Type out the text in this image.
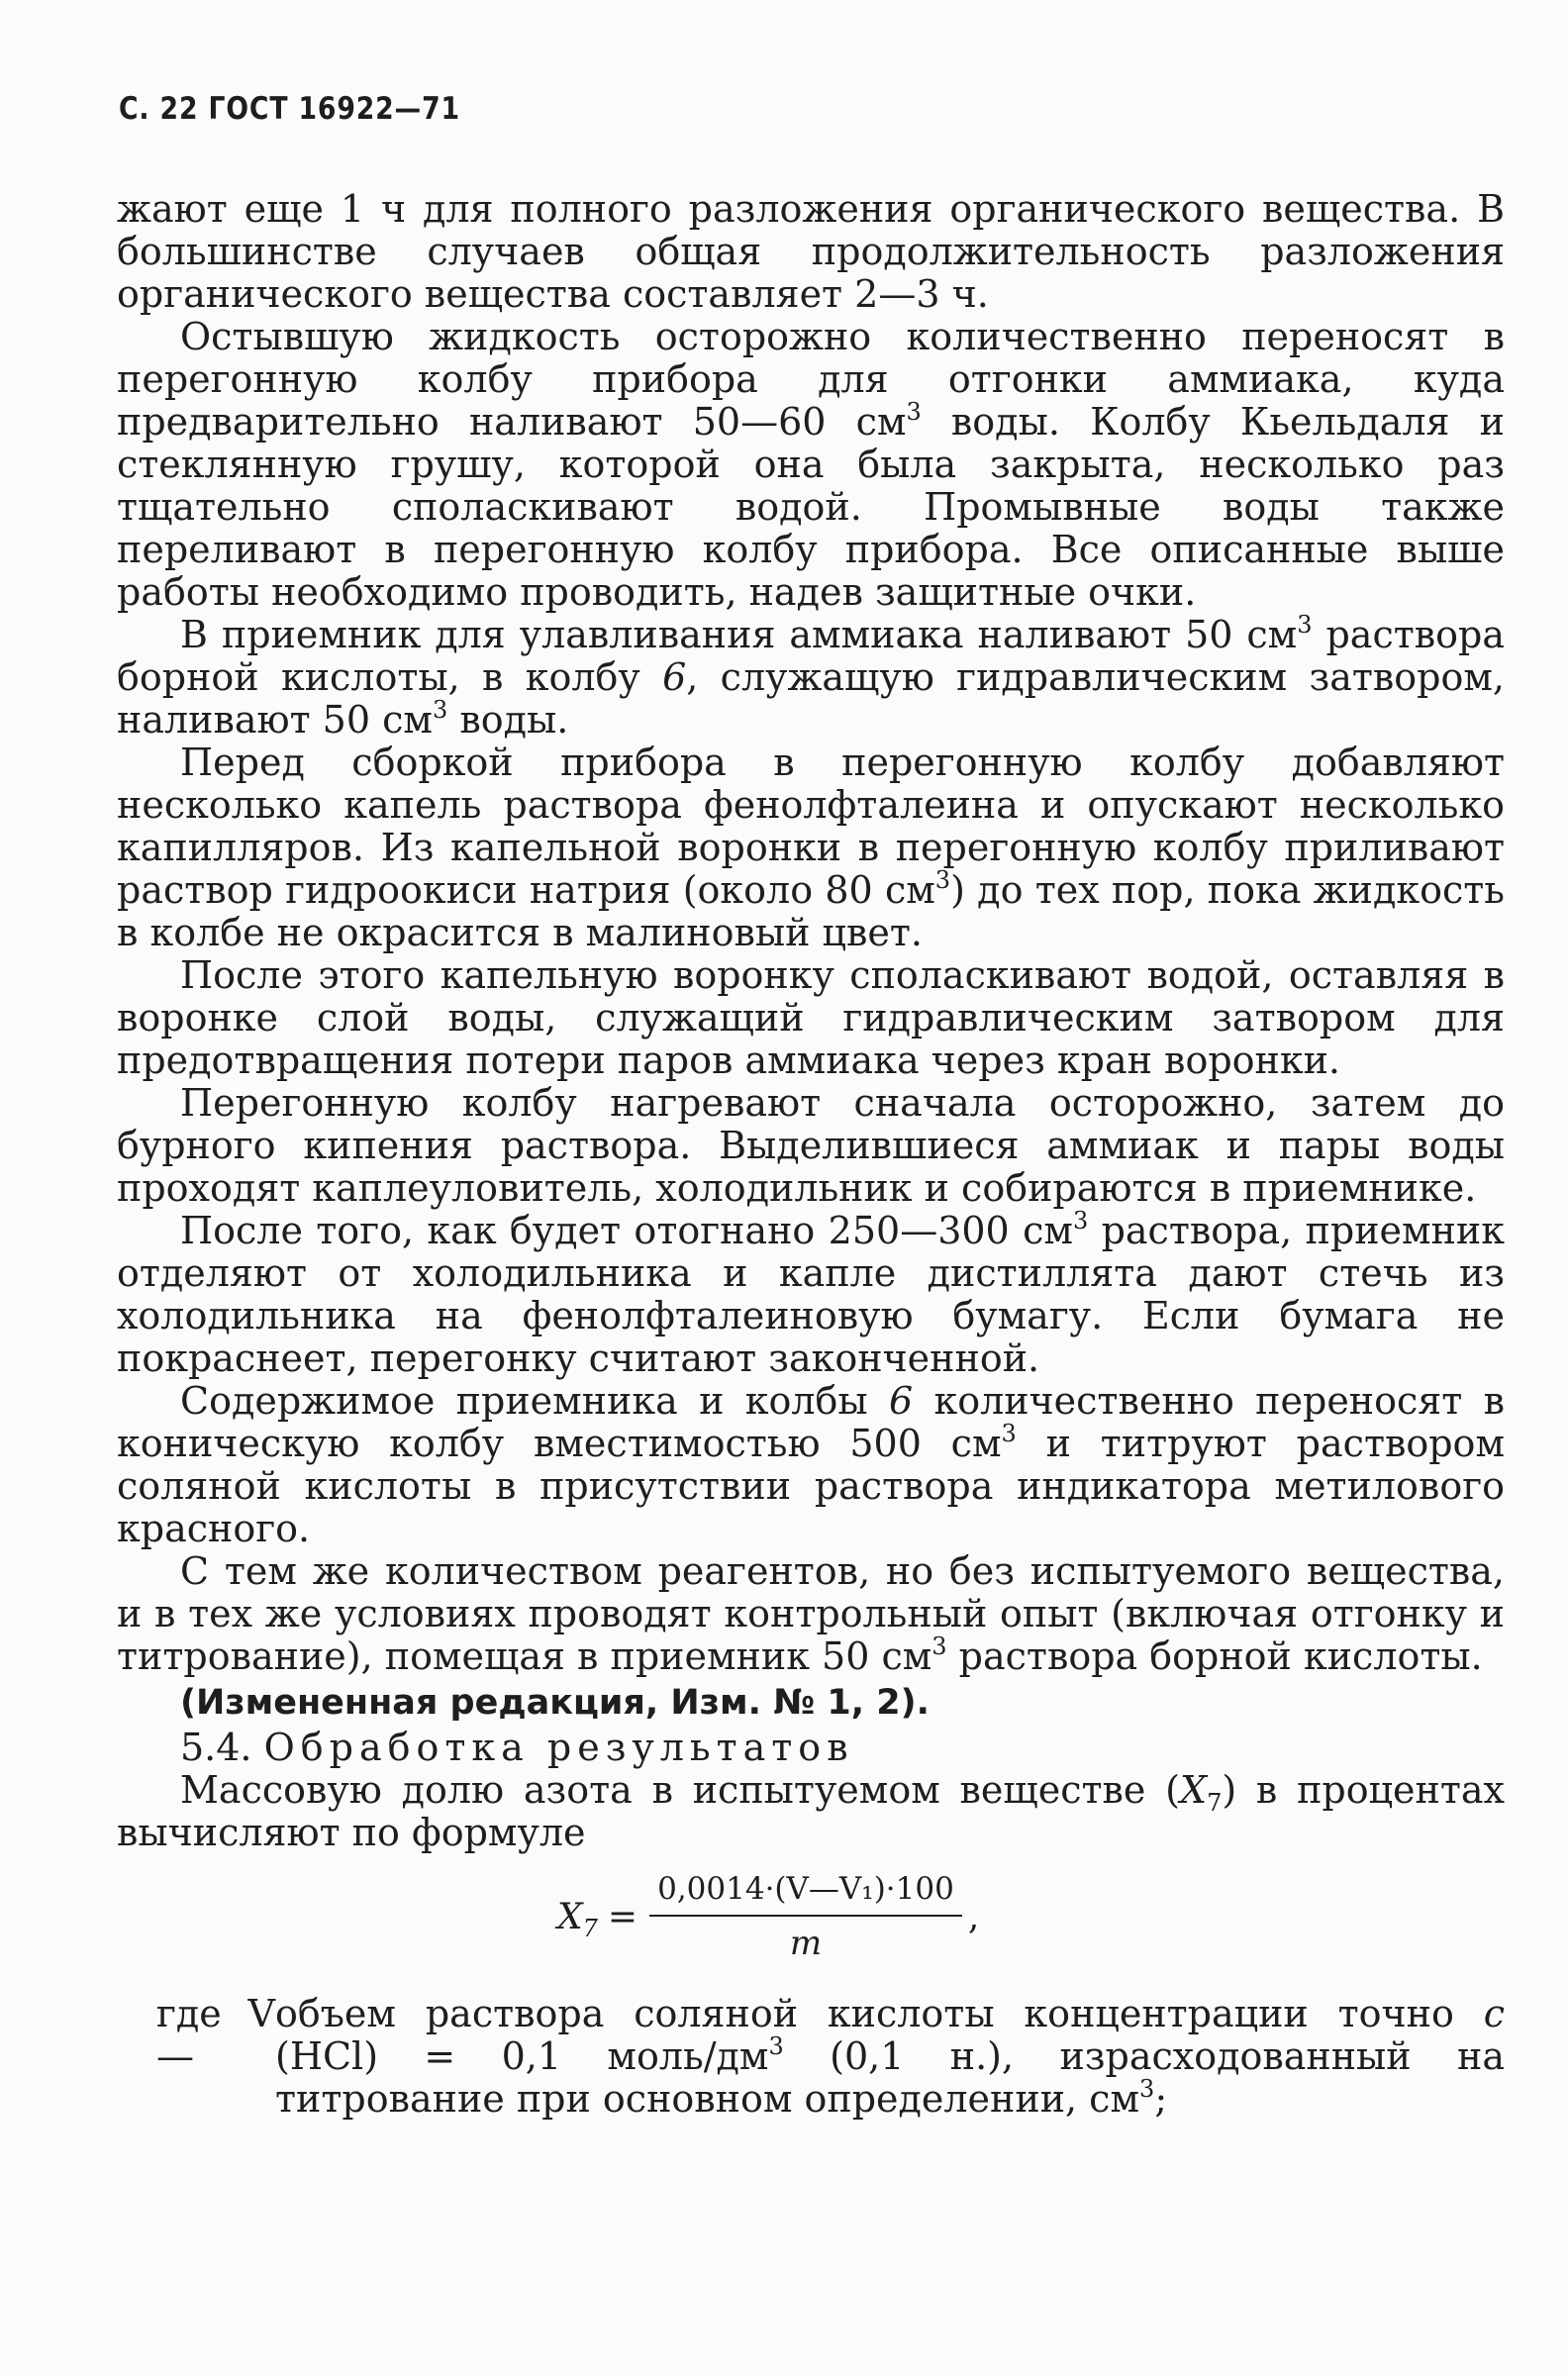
С. 22 ГОСТ 16922—71

жают еще 1 ч для полного разложения органического вещества. В большинстве случаев общая продолжительность разложения органического вещества составляет 2—3 ч.

Остывшую жидкость осторожно количественно переносят в перегонную колбу прибора для отгонки аммиака, куда предварительно наливают 50—60 $см^3$ воды. Колбу Кьельдаля и стеклянную грушу, которой она была закрыта, несколько раз тщательно споласкивают водой. Промывные воды также переливают в перегонную колбу прибора. Все описанные выше работы необходимо проводить, надев защитные очки.

В приемник для улавливания аммиака наливают 50 $см^3$ раствора борной кислоты, в колбу 6, служащую гидравлическим затвором, наливают 50 $см^3$ воды.

Перед сборкой прибора в перегонную колбу добавляют несколько капель раствора фенолфталеина и опускают несколько капилляров. Из капельной воронки в перегонную колбу приливают раствор гидроокиси натрия (около 80 $см^3$) до тех пор, пока жидкость в колбе не окрасится в малиновый цвет.

После этого капельную воронку споласкивают водой, оставляя в воронке слой воды, служащий гидравлическим затвором для предотвращения потери паров аммиака через кран воронки.

Перегонную колбу нагревают сначала осторожно, затем до бурного кипения раствора. Выделившиеся аммиак и пары воды проходят каплеуловитель, холодильник и собираются в приемнике.

После того, как будет отогнано 250—300 $см^3$ раствора, приемник отделяют от холодильника и капле дистиллята дают стечь из холодильника на фенолфталеиновую бумагу. Если бумага не покраснеет, перегонку считают законченной.

Содержимое приемника и колбы 6 количественно переносят в коническую колбу вместимостью 500 $см^3$ и титруют раствором соляной кислоты в присутствии раствора индикатора метилового красного.

С тем же количеством реагентов, но без испытуемого вещества, и в тех же условиях проводят контрольный опыт (включая отгонку и титрование), помещая в приемник 50 $см^3$ раствора борной кислоты.

(Измененная редакция, Изм. № 1, 2).

5.4. Обработка результатов

Массовую долю азота в испытуемом веществе $(X_7)$ в процентах вычисляют по формуле

$X_7 = \frac{\text{0,0014·(V—V₁)·100}}{m}$ ,
где V —
объем раствора соляной кислоты концентрации точно с (HCl) = 0,1 моль/$дм^3$ (0,1 н.), израсходованный на титрование при основном определении, $см^3$;
